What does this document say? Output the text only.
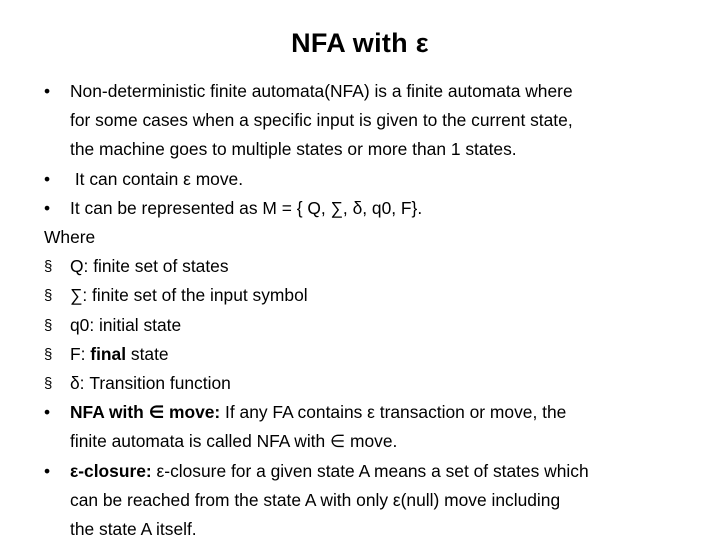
NFA with ε
•	Non-deterministic finite automata(NFA) is a finite automata where
for some cases when a specific input is given to the current state,
the machine goes to multiple states or more than 1 states.
•	It can contain ε move.
•	It can be represented as M = { Q, ∑, δ, q0, F}.
Where
§	Q: finite set of states
§	∑: finite set of the input symbol
§	q0: initial state
§	F: final state
§	δ: Transition function
•	NFA with ∈ move: If any FA contains ε transaction or move, the
finite automata is called NFA with ∈ move.
•	ε-closure: ε-closure for a given state A means a set of states which
can be reached from the state A with only ε(null) move including
the state A itself.
